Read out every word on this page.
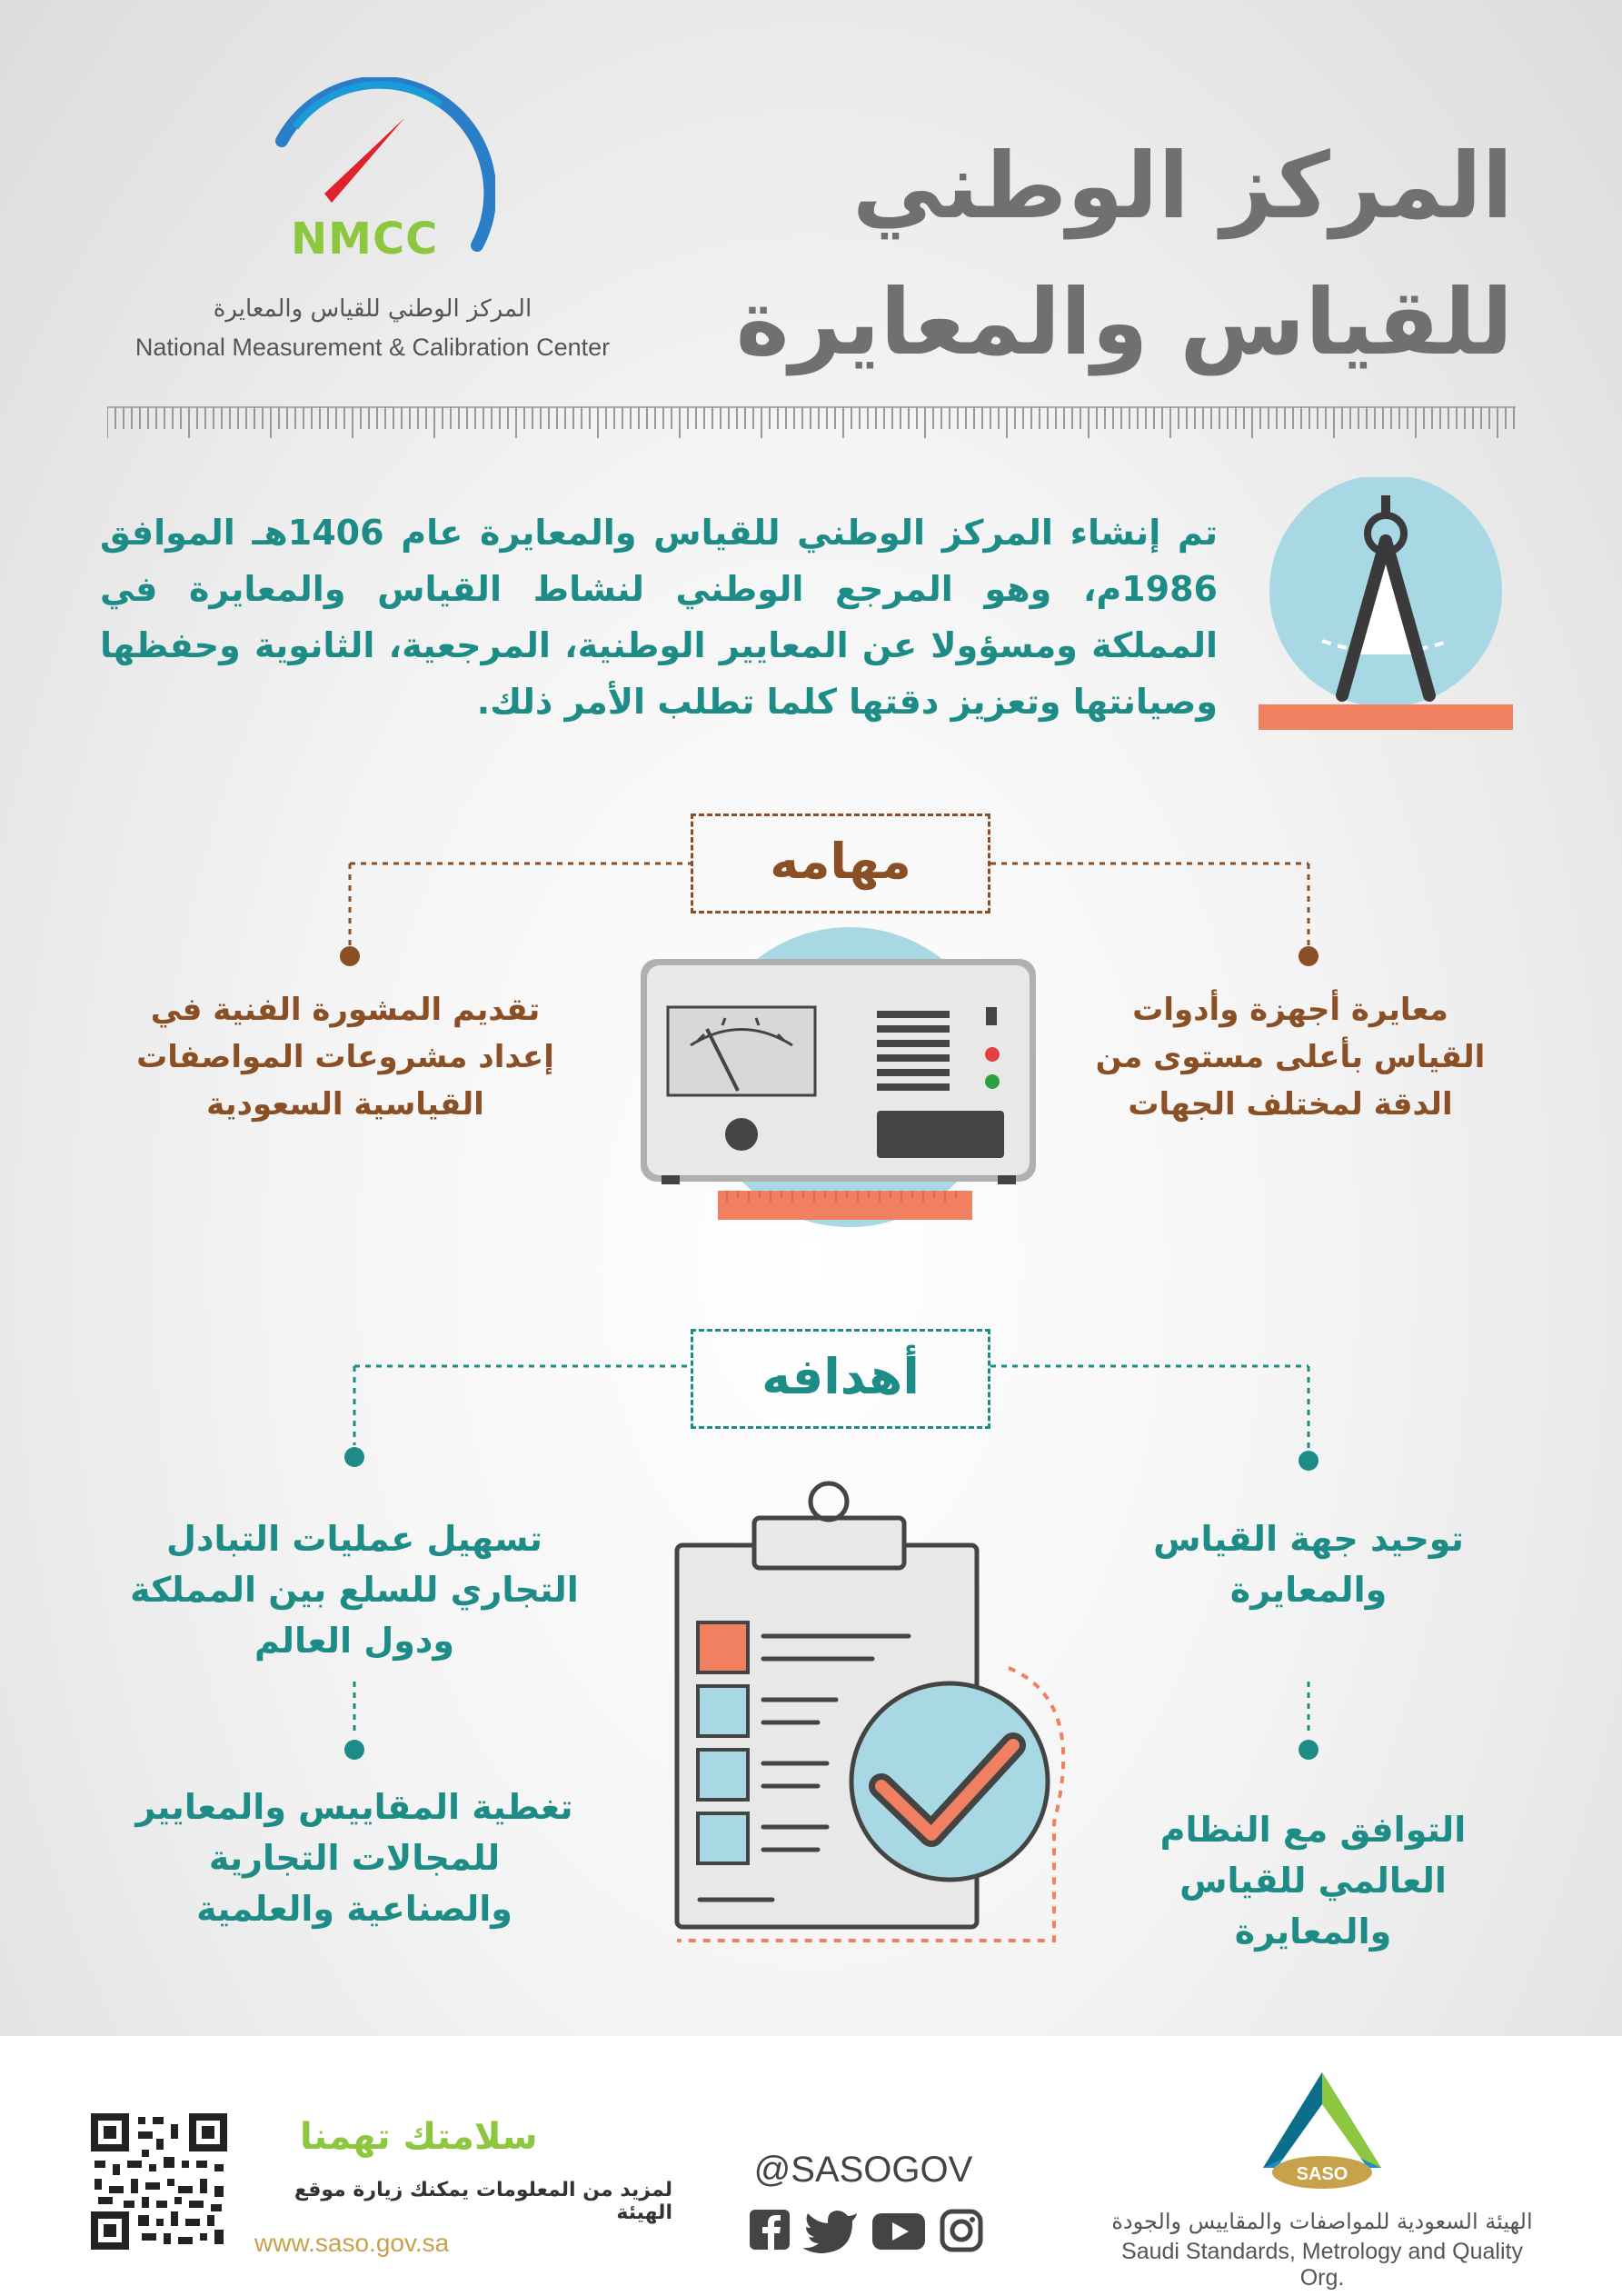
NMCC
المركز الوطني للقياس والمعايرة
National Measurement & Calibration Center
المركز الوطني
للقياس والمعايرة
تم إنشاء المركز الوطني للقياس والمعايرة عام 1406هـ الموافق 1986م، وهو المرجع الوطني لنشاط القياس والمعايرة في المملكة ومسؤولا عن المعايير الوطنية، المرجعية، الثانوية وحفظها وصيانتها وتعزيز دقتها كلما تطلب الأمر ذلك.
مهامه
معايرة أجهزة وأدوات القياس بأعلى مستوى من الدقة لمختلف الجهات
تقديم المشورة الفنية في إعداد مشروعات المواصفات القياسية السعودية
أهدافه
توحيد جهة القياس والمعايرة
تسهيل عمليات التبادل التجاري للسلع بين المملكة ودول العالم
التوافق مع النظام العالمي للقياس والمعايرة
تغطية المقاييس والمعايير للمجالات التجارية والصناعية والعلمية
SASO
الهيئة السعودية للمواصفات والمقاييس والجودة
Saudi Standards, Metrology and Quality Org.
@SASOGOV
سلامتك تهمنا
لمزيد من المعلومات يمكنك زيارة موقع الهيئة
www.saso.gov.sa
